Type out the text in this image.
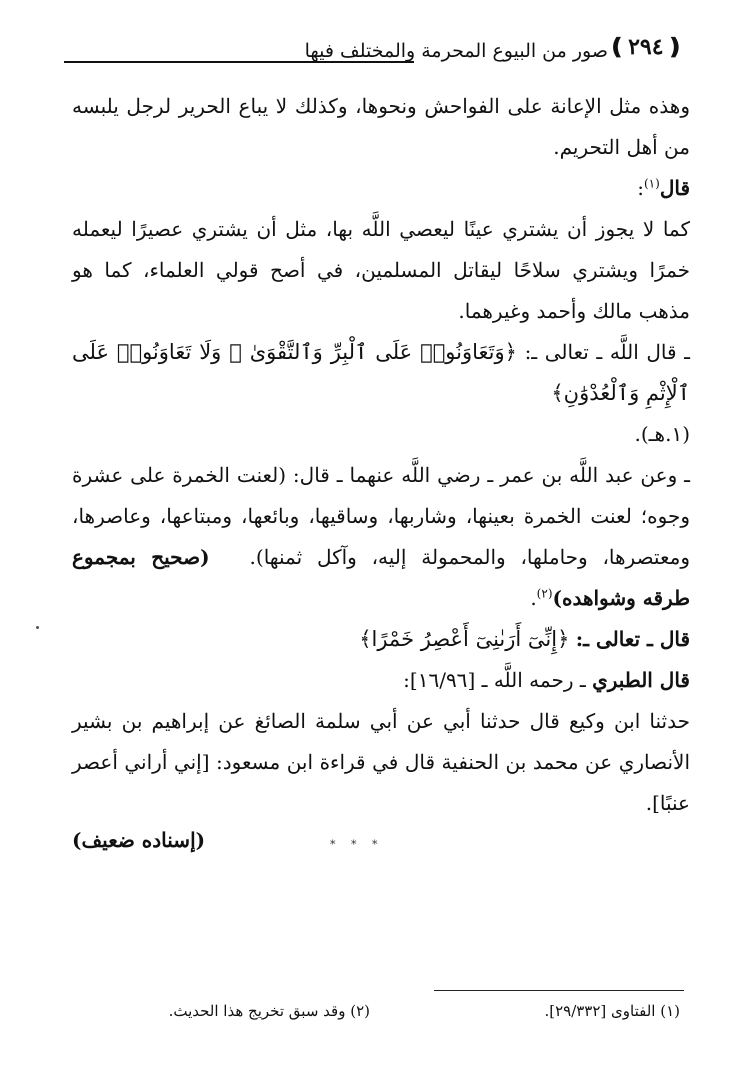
❪ ٢٩٤ ❫
صور من البيوع المحرمة والمختلف فيها

وهذه مثل الإعانة على الفواحش ونحوها، وكذلك لا يباع الحرير لرجل يلبسه من أهل التحريم.

قال$^{(١)}$:

كما لا يجوز أن يشتري عينًا ليعصي اللَّه بها، مثل أن يشتري عصيرًا ليعمله خمرًا ويشتري سلاحًا ليقاتل المسلمين، في أصح قولي العلماء، كما هو مذهب مالك وأحمد وغيرهما.

ـ قال اللَّه ـ تعالى ـ: ﴿وَتَعَاوَنُوا۟ عَلَى ٱلْبِرِّ وَٱلتَّقْوَىٰ ۖ وَلَا تَعَاوَنُوا۟ عَلَى ٱلْإِثْمِ وَٱلْعُدْوَٰنِ﴾
(١.هـ).

ـ وعن عبد اللَّه بن عمر ـ رضي اللَّه عنهما ـ قال: (لعنت الخمرة على عشرة وجوه؛ لعنت الخمرة بعينها، وشاربها، وساقيها، وبائعها، ومبتاعها، وعاصرها، ومعتصرها، وحاملها، والمحمولة إليه، وآكل ثمنها).(صحيح بمجموع طرقه وشواهده)$^{(٢)}$.

قال ـ تعالى ـ: ﴿إِنِّىٓ أَرَىٰنِىٓ أَعْصِرُ خَمْرًا﴾

قال الطبري ـ رحمه اللَّه ـ [١٦/٩٦]:

حدثنا ابن وكيع قال حدثنا أبي عن أبي سلمة الصائغ عن إبراهيم بن بشير الأنصاري عن محمد بن الحنفية قال في قراءة ابن مسعود: [إني أراني أعصر عنبًا].

(إسناده ضعيف)	* * *
(١) الفتاوى [٢٩/٣٣٢].
(٢) وقد سبق تخريج هذا الحديث.
